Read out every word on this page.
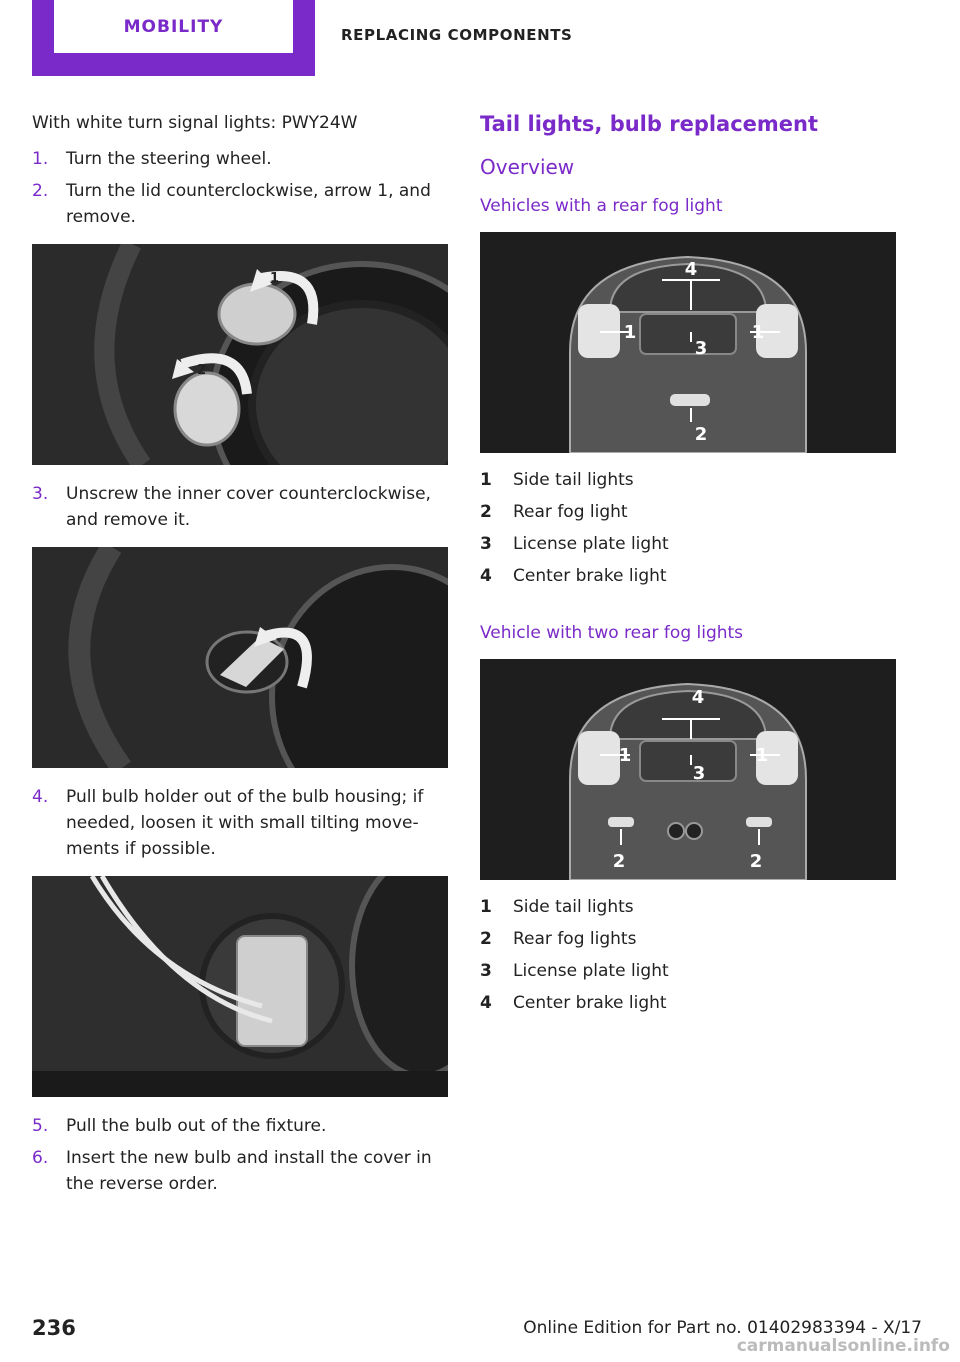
MOBILITY	REPLACING COMPONENTS
With white turn signal lights: PWY24W
1.	Turn the steering wheel.
2.	Turn the lid counterclockwise, arrow 1, and remove.
1
2
3.	Unscrew the inner cover counterclockwise, and remove it.
4.	Pull bulb holder out of the bulb housing; if needed, loosen it with small tilting move‐ ments if possible.
5.	Pull the bulb out of the fixture.
6.	Insert the new bulb and install the cover in the reverse order.
Tail lights, bulb replacement
Overview
Vehicles with a rear fog light
4
1	1
3
2
1	Side tail lights
2	Rear fog light
3	License plate light
4	Center brake light
Vehicle with two rear fog lights
4
1	1
3
2	2
1	Side tail lights
2	Rear fog lights
3	License plate light
4	Center brake light
236	Online Edition for Part no. 01402983394 - X/17
carmanualsonline.info
